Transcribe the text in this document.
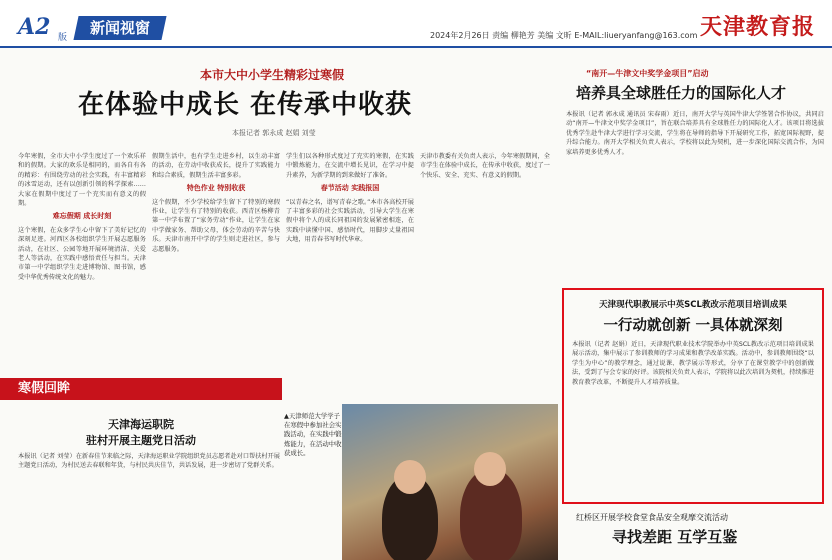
A2 版
新闻视窗	2024年2月26日 责编 柳艳芳 美编 文昕 E-MAIL:liueryanfang@163.com 天津教育报
本市大中小学生精彩过寒假
在体验中成长 在传承中收获
本报记者 郭永成 赵娟 刘莹
今年寒假，全市大中小学生度过了一个欢乐祥和的假期。大家的欢乐是相同的，而各自有各的精彩：有围绕劳动的社会实践，有丰富精彩的冰雪运动，还有以创新引领的科学探索……大家在假期中度过了一个充实而有意义的假期。
难忘假期 成长时刻
这个寒假，在众多学生心中留下了美好记忆的深刻足迹。河西区各校组织学生开展志愿服务活动，在社区、公园等地开展环境清洁、关爱老人等活动，在实践中感悟责任与担当。天津市第一中学组织学生走进博物馆、图书馆，感受中华优秀传统文化的魅力。
假期生活中，也有学生走进乡村，以生动丰富的活动，在劳动中收获成长，提升了实践能力和综合素质，假期生活丰富多彩。
特色作业 特别收获
这个假期，不少学校给学生留下了特别的寒假作业，让学生有了特别的收获。西青区杨柳青第一中学布置了“家务劳动”作业，让学生在家中学做家务、帮助父母，体会劳动的辛苦与快乐。天津市南开中学的学生则走进社区，参与志愿服务。
学生们以各种形式度过了充实的寒假，在实践中锻炼能力，在交流中增长见识，在学习中提升素养，为新学期的到来做好了准备。
春节活动 实践报国
“以青春之名，谱写青春之歌。”本市各高校开展了丰富多彩的社会实践活动，引导大学生在寒假中将个人的成长同祖国的发展紧密相连，在实践中读懂中国、感悟时代，用脚步丈量祖国大地，用青春书写时代华章。
天津市教委有关负责人表示，今年寒假期间，全市学生在体验中成长，在传承中收获，度过了一个快乐、安全、充实、有意义的假期。
▲天津师范大学学子在寒假中参加社会实践活动，在实践中锻炼能力，在活动中收获成长。
寒假回眸
天津海运职院
驻村开展主题党日活动
本报讯（记者 刘莹）在新春佳节来临之际，天津海运职业学院组织党员志愿者赴对口帮扶村开展主题党日活动，为村民送去春联和年货，与村民共庆佳节，共话发展，进一步密切了党群关系。
“南开—牛津文中奖学金项目”启动
培养具全球胜任力的国际化人才
本报讯（记者 郭永成 通讯员 宋春雨）近日，南开大学与英国牛津大学签署合作协议，共同启动“南开—牛津文中奖学金项目”，旨在联合培养具有全球胜任力的国际化人才。该项目将选拔优秀学生赴牛津大学进行学习交流，学生将在导师的指导下开展研究工作，拓宽国际视野，提升综合能力。南开大学相关负责人表示，学校将以此为契机，进一步深化国际交流合作，为国家培养更多优秀人才。
天津现代职教展示中英SCL教改示范项目培训成果
一行动就创新 一具体就深刻
本报讯（记者 赵娟）近日，天津现代职业技术学院举办中英SCL教改示范项目培训成果展示活动，集中展示了参训教师的学习成果和教学改革实践。活动中，参训教师围绕“以学生为中心”的教学理念，通过说课、教学展示等形式，分享了在课堂教学中的创新做法，受到了与会专家的好评。该院相关负责人表示，学院将以此次培训为契机，持续推进教育教学改革，不断提升人才培养质量。
红桥区开展学校食堂食品安全观摩交流活动
寻找差距 互学互鉴
